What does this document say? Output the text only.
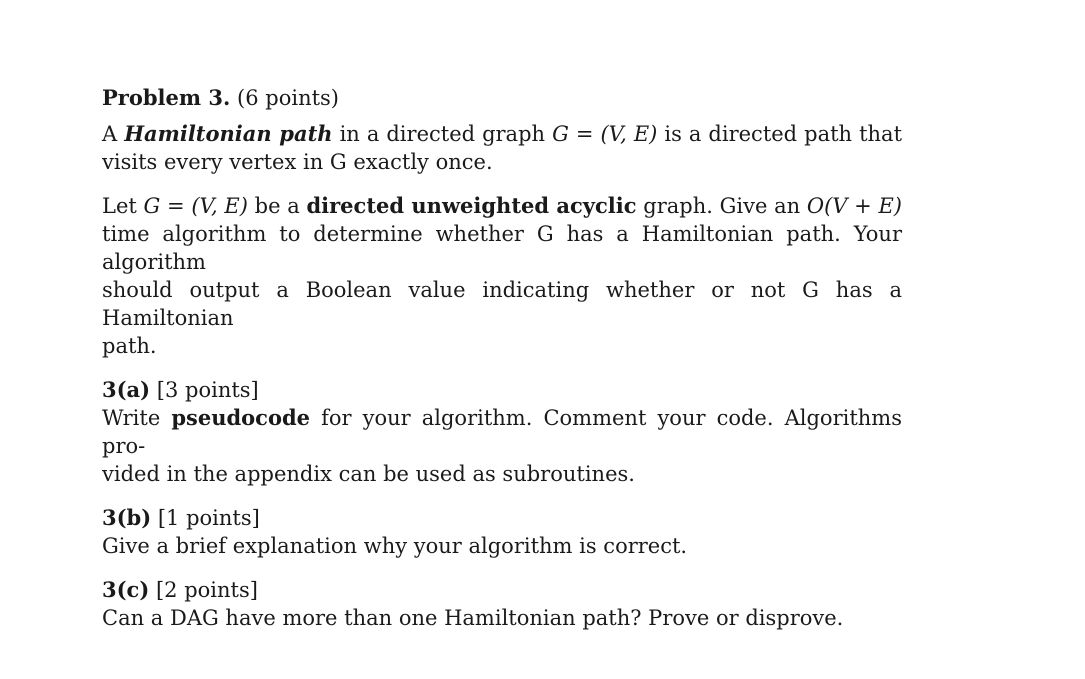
Problem 3. (6 points)
A Hamiltonian path in a directed graph G = (V, E) is a directed path that
visits every vertex in G exactly once.
Let G = (V, E) be a directed unweighted acyclic graph. Give an O(V + E)
time algorithm to determine whether G has a Hamiltonian path. Your algorithm
should output a Boolean value indicating whether or not G has a Hamiltonian
path.
3(a) [3 points]
Write pseudocode for your algorithm. Comment your code. Algorithms pro-
vided in the appendix can be used as subroutines.
3(b) [1 points]
Give a brief explanation why your algorithm is correct.
3(c) [2 points]
Can a DAG have more than one Hamiltonian path? Prove or disprove.
